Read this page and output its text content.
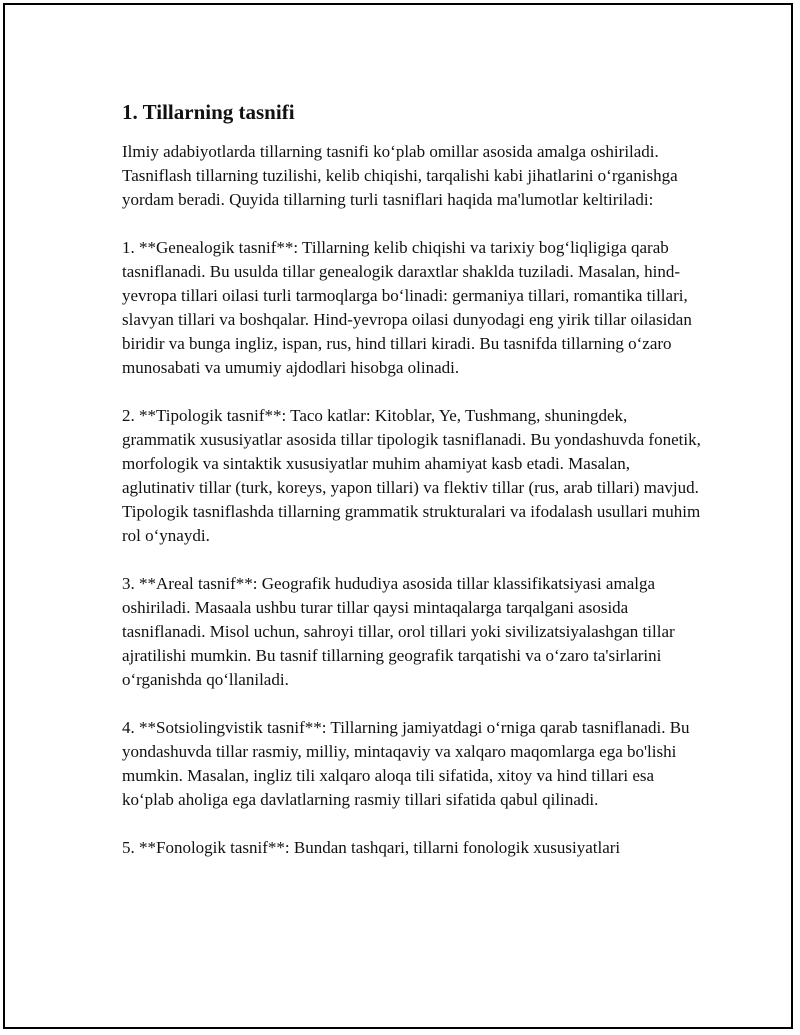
1. Tillarning tasnifi

Ilmiy adabiyotlarda tillarning tasnifi ko‘plab omillar asosida amalga oshiriladi. Tasniflash tillarning tuzilishi, kelib chiqishi, tarqalishi kabi jihatlarini o‘rganishga yordam beradi. Quyida tillarning turli tasniflari haqida ma'lumotlar keltiriladi:

1. **Genealogik tasnif**: Tillarning kelib chiqishi va tarixiy bog‘liqligiga qarab tasniflanadi. Bu usulda tillar genealogik daraxtlar shaklda tuziladi. Masalan, hind-yevropa tillari oilasi turli tarmoqlarga bo‘linadi: germaniya tillari, romantika tillari, slavyan tillari va boshqalar. Hind-yevropa oilasi dunyodagi eng yirik tillar oilasidan biridir va bunga ingliz, ispan, rus, hind tillari kiradi. Bu tasnifda tillarning o‘zaro munosabati va umumiy ajdodlari hisobga olinadi.

2. **Tipologik tasnif**: Taco katlar: Kitoblar, Ye, Tushmang, shuningdek, grammatik xususiyatlar asosida tillar tipologik tasniflanadi. Bu yondashuvda fonetik, morfologik va sintaktik xususiyatlar muhim ahamiyat kasb etadi. Masalan, aglutinativ tillar (turk, koreys, yapon tillari) va flektiv tillar (rus, arab tillari) mavjud. Tipologik tasniflashda tillarning grammatik strukturalari va ifodalash usullari muhim rol o‘ynaydi.

3. **Areal tasnif**: Geografik hududiya asosida tillar klassifikatsiyasi amalga oshiriladi. Masaala ushbu turar tillar qaysi mintaqalarga tarqalgani asosida tasniflanadi. Misol uchun, sahroyi tillar, orol tillari yoki sivilizatsiyalashgan tillar ajratilishi mumkin. Bu tasnif tillarning geografik tarqatishi va o‘zaro ta'sirlarini o‘rganishda qo‘llaniladi.

4. **Sotsiolingvistik tasnif**: Tillarning jamiyatdagi o‘rniga qarab tasniflanadi. Bu yondashuvda tillar rasmiy, milliy, mintaqaviy va xalqaro maqomlarga ega bo'lishi mumkin. Masalan, ingliz tili xalqaro aloqa tili sifatida, xitoy va hind tillari esa ko‘plab aholiga ega davlatlarning rasmiy tillari sifatida qabul qilinadi.

5. **Fonologik tasnif**: Bundan tashqari, tillarni fonologik xususiyatlari
